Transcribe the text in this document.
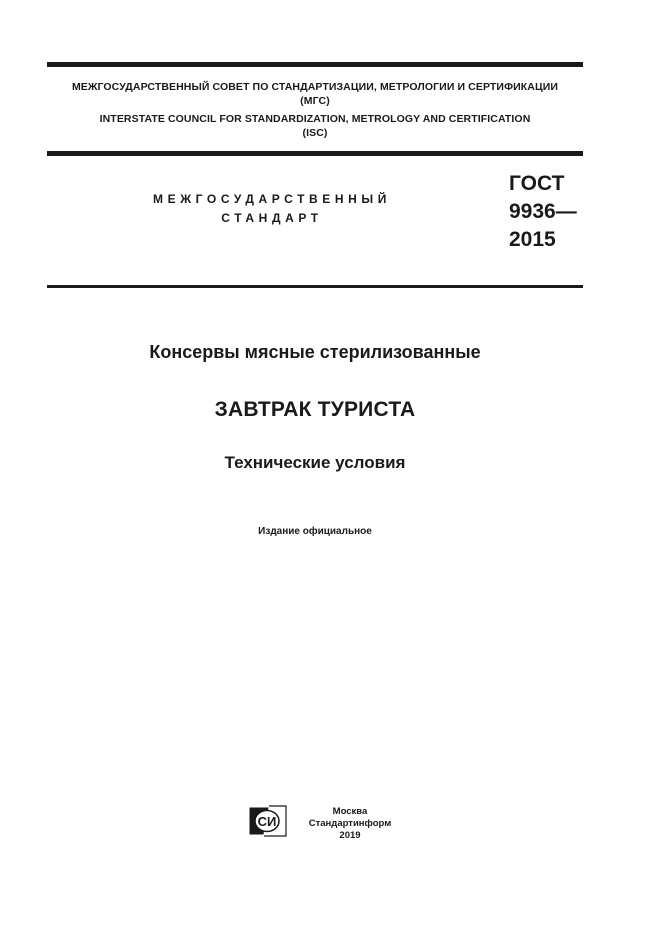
МЕЖГОСУДАРСТВЕННЫЙ СОВЕТ ПО СТАНДАРТИЗАЦИИ, МЕТРОЛОГИИ И СЕРТИФИКАЦИИ
(МГС)
INTERSTATE COUNCIL FOR STANDARDIZATION, METROLOGY AND CERTIFICATION
(ISC)
МЕЖГОСУДАРСТВЕННЫЙ
СТАНДАРТ
ГОСТ
9936—
2015
Консервы мясные стерилизованные
ЗАВТРАК ТУРИСТА
Технические условия
Издание официальное
СИ
Москва
Стандартинформ
2019
